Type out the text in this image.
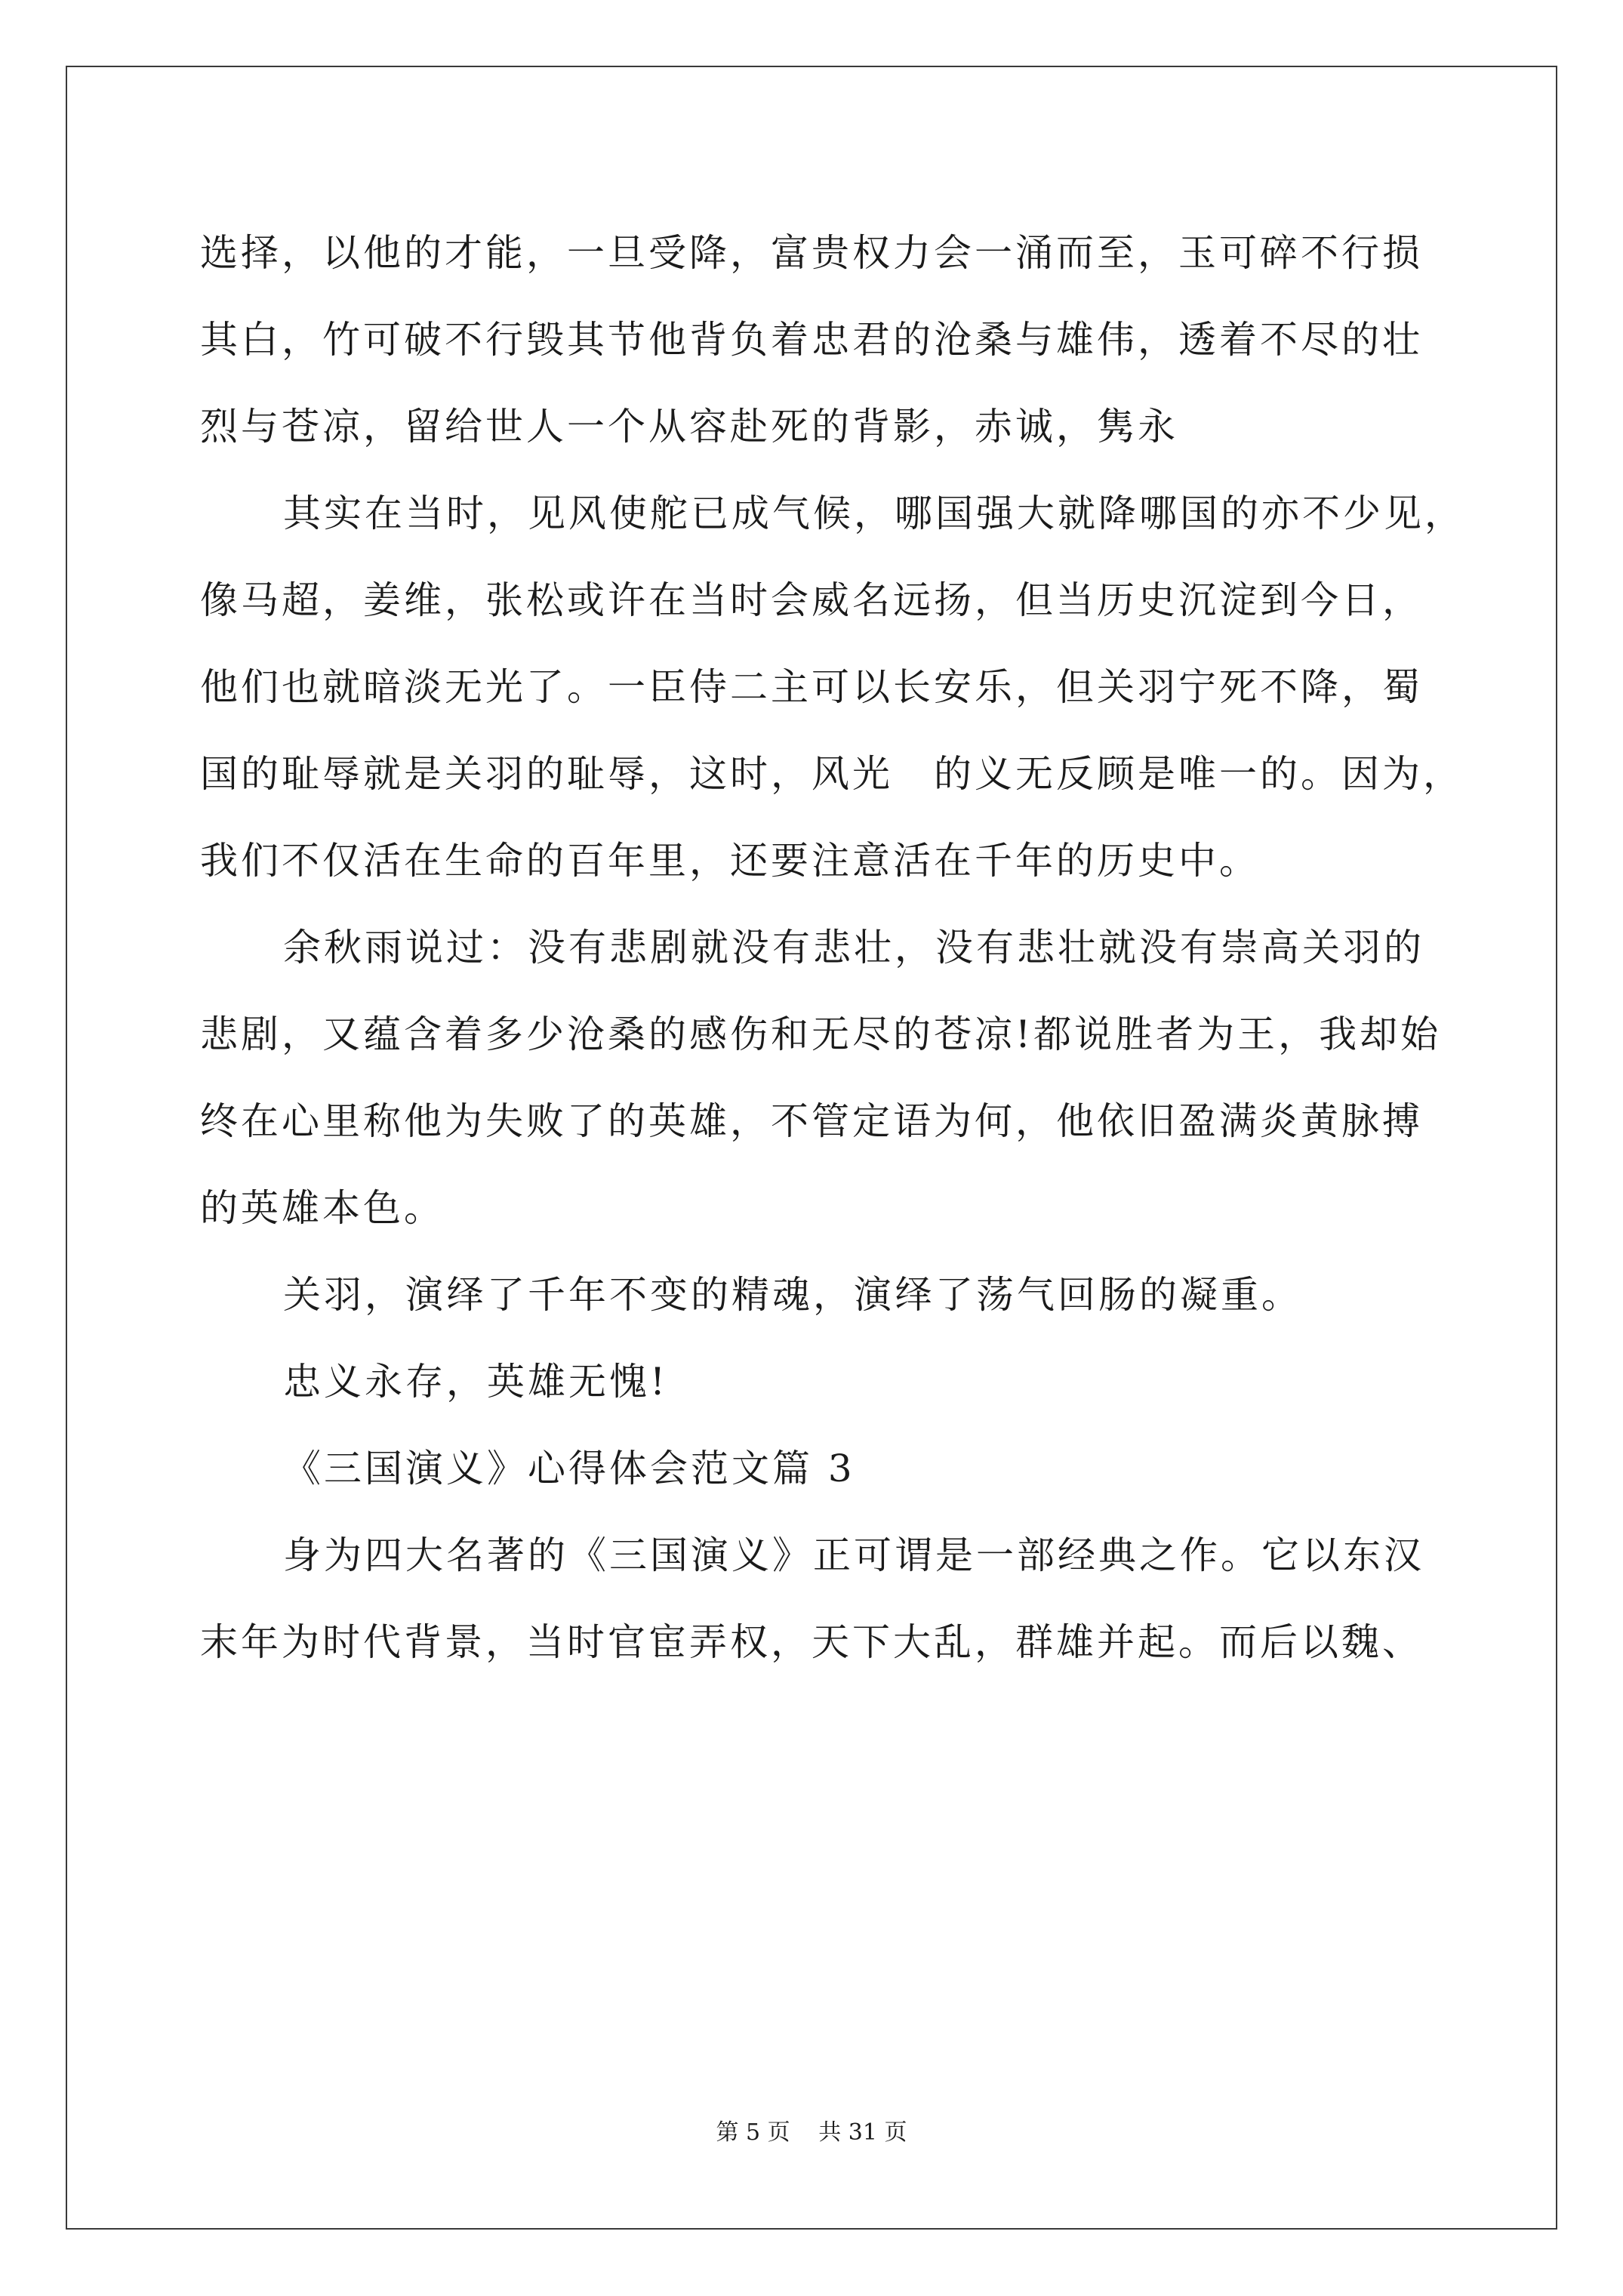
选择，以他的才能，一旦受降，富贵权力会一涌而至，玉可碎不行损
其白，竹可破不行毁其节他背负着忠君的沧桑与雄伟，透着不尽的壮
烈与苍凉，留给世人一个从容赴死的背影，赤诚，隽永
其实在当时，见风使舵已成气候，哪国强大就降哪国的亦不少见，
像马超，姜维，张松或许在当时会威名远扬，但当历史沉淀到今日，
他们也就暗淡无光了。一臣侍二主可以长安乐，但关羽宁死不降，蜀
国的耻辱就是关羽的耻辱，这时，风光　的义无反顾是唯一的。因为，
我们不仅活在生命的百年里，还要注意活在千年的历史中。
余秋雨说过：没有悲剧就没有悲壮，没有悲壮就没有崇高关羽的
悲剧，又蕴含着多少沧桑的感伤和无尽的苍凉!都说胜者为王，我却始
终在心里称他为失败了的英雄，不管定语为何，他依旧盈满炎黄脉搏
的英雄本色。
关羽，演绎了千年不变的精魂，演绎了荡气回肠的凝重。
忠义永存，英雄无愧!
《三国演义》心得体会范文篇 3
身为四大名著的《三国演义》正可谓是一部经典之作。它以东汉
末年为时代背景，当时官宦弄权，天下大乱，群雄并起。而后以魏、
第 5 页 共 31 页
